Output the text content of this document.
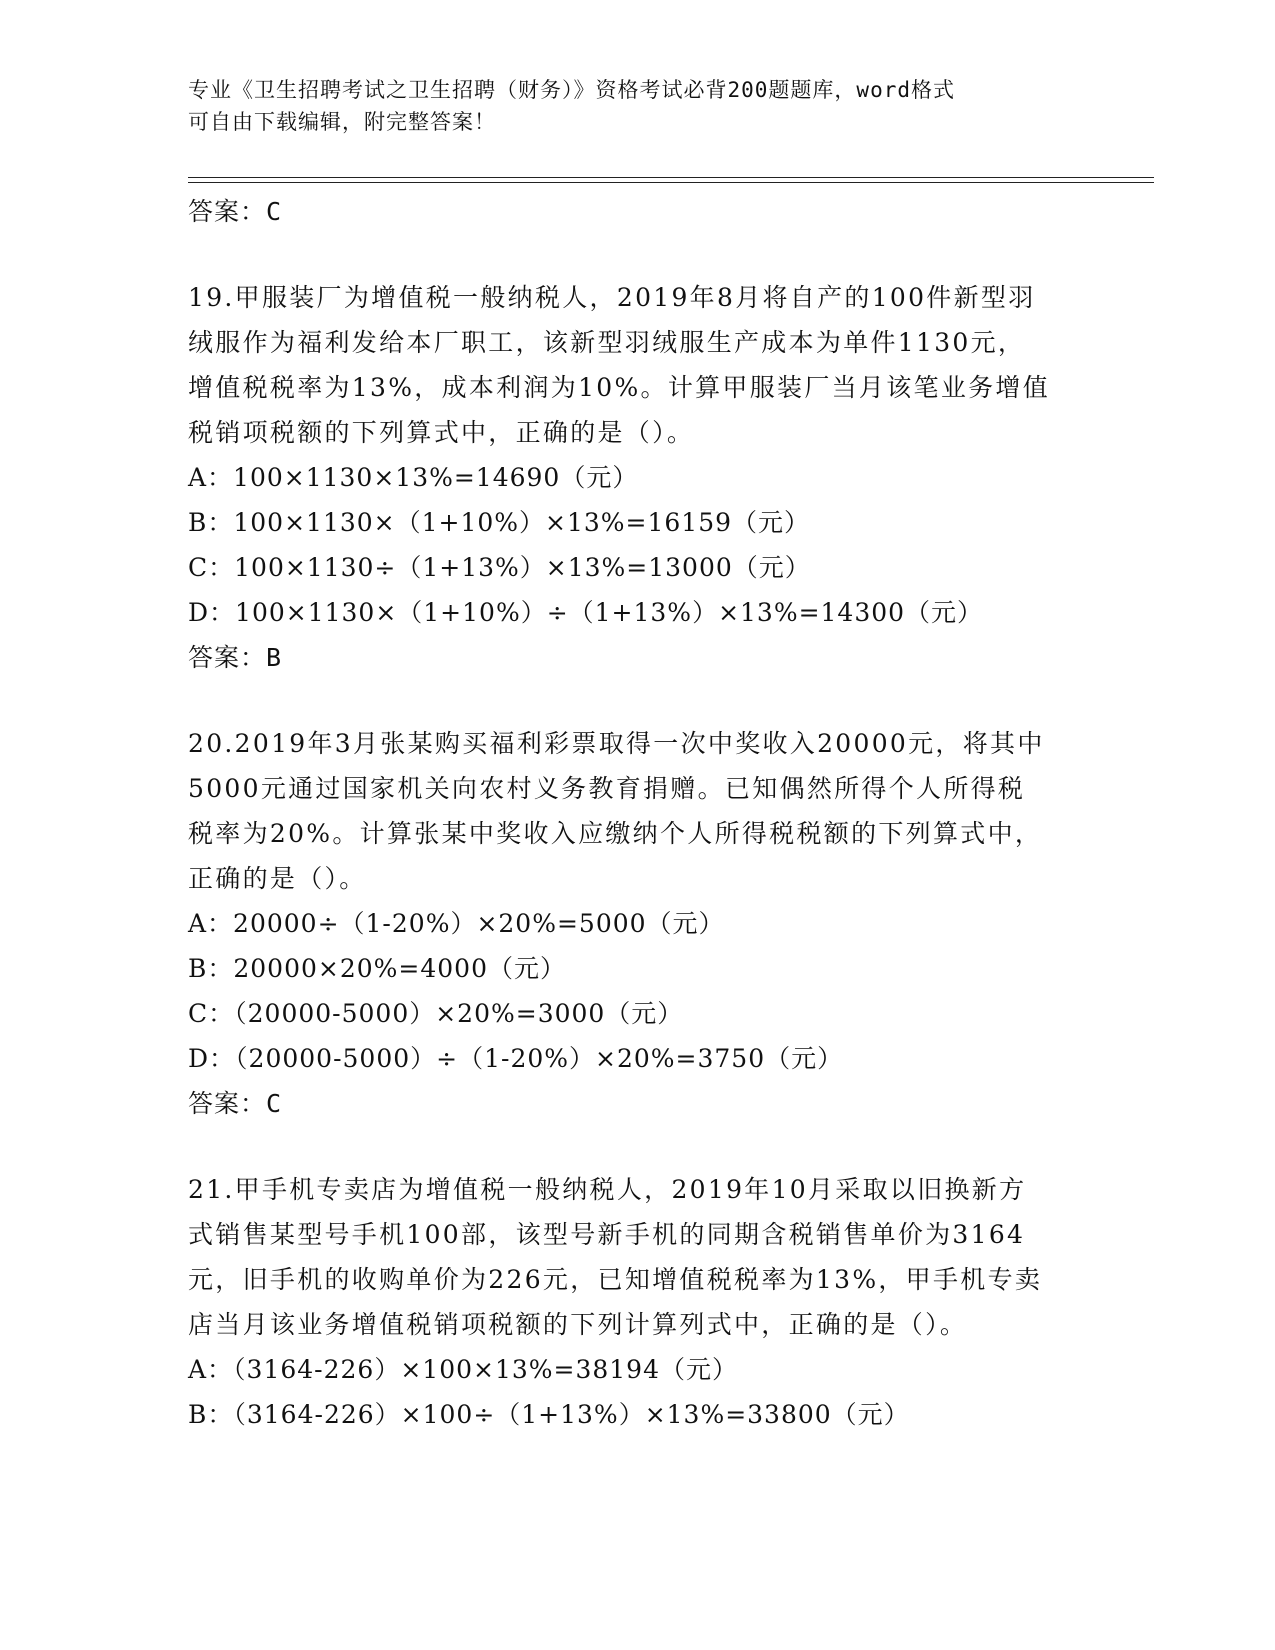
专业《卫生招聘考试之卫生招聘（财务）》资格考试必背200题题库，word格式
可自由下载编辑，附完整答案！
答案：C
19.甲服装厂为增值税一般纳税人，2019年8月将自产的100件新型羽
绒服作为福利发给本厂职工，该新型羽绒服生产成本为单件1130元，
增值税税率为13%，成本利润为10%。计算甲服装厂当月该笔业务增值
税销项税额的下列算式中，正确的是（）。
A：100×1130×13%=14690（元）
B：100×1130×（1+10%）×13%=16159（元）
C：100×1130÷（1+13%）×13%=13000（元）
D：100×1130×（1+10%）÷（1+13%）×13%=14300（元）
答案：B
20.2019年3月张某购买福利彩票取得一次中奖收入20000元，将其中
5000元通过国家机关向农村义务教育捐赠。已知偶然所得个人所得税
税率为20%。计算张某中奖收入应缴纳个人所得税税额的下列算式中，
正确的是（）。
A：20000÷（1-20%）×20%=5000（元）
B：20000×20%=4000（元）
C：（20000-5000）×20%=3000（元）
D：（20000-5000）÷（1-20%）×20%=3750（元）
答案：C
21.甲手机专卖店为增值税一般纳税人，2019年10月采取以旧换新方
式销售某型号手机100部，该型号新手机的同期含税销售单价为3164
元，旧手机的收购单价为226元，已知增值税税率为13%，甲手机专卖
店当月该业务增值税销项税额的下列计算列式中，正确的是（）。
A：（3164-226）×100×13%=38194（元）
B：（3164-226）×100÷（1+13%）×13%=33800（元）
